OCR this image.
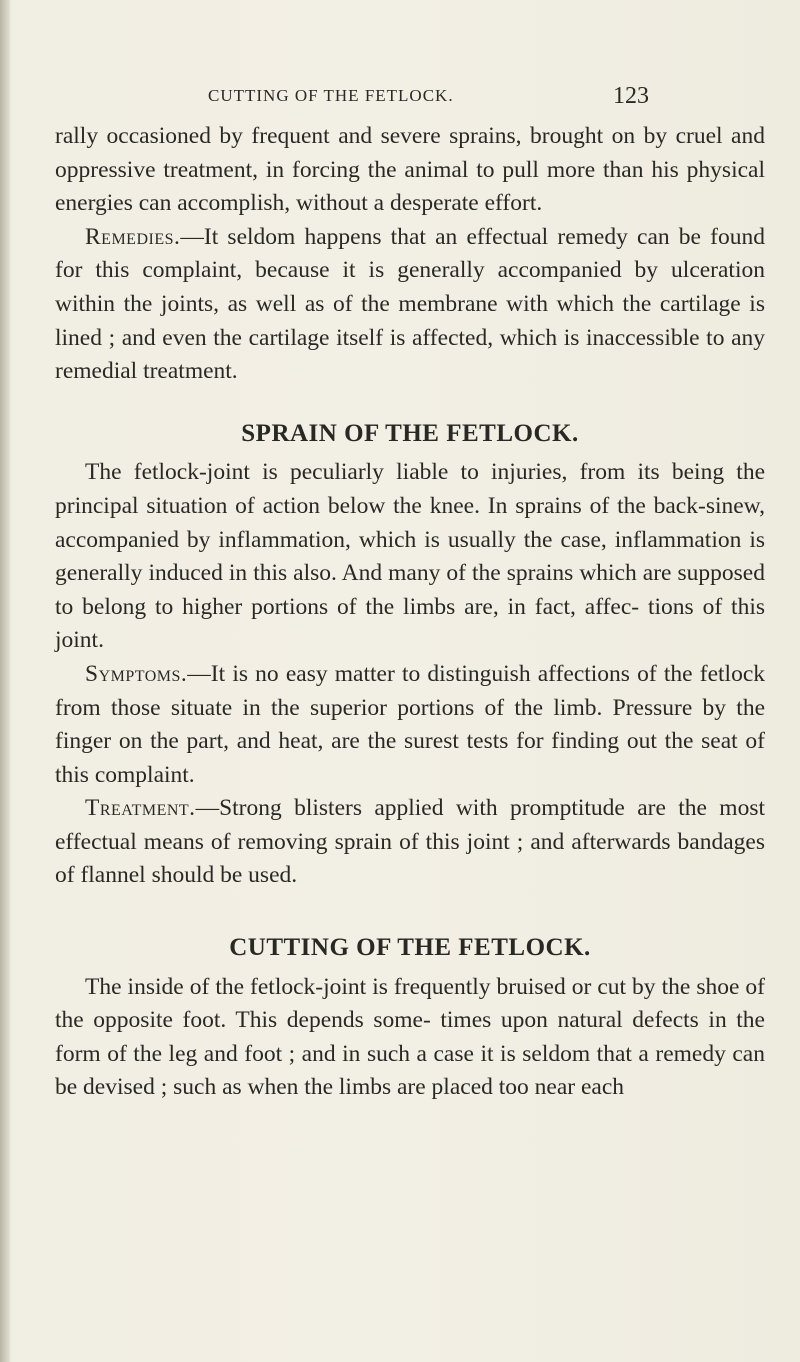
CUTTING OF THE FETLOCK.	123

rally occasioned by frequent and severe sprains, brought on by cruel and oppressive treatment, in forcing the animal to pull more than his physical energies can accomplish, without a desperate effort.

Remedies.—It seldom happens that an effectual remedy can be found for this complaint, because it is generally accompanied by ulceration within the joints, as well as of the membrane with which the cartilage is lined ; and even the cartilage itself is affected, which is inaccessible to any remedial treatment.

SPRAIN OF THE FETLOCK.

The fetlock-joint is peculiarly liable to injuries, from its being the principal situation of action below the knee. In sprains of the back-sinew, accompanied by inflammation, which is usually the case, inflammation is generally induced in this also. And many of the sprains which are supposed to belong to higher portions of the limbs are, in fact, affec- tions of this joint.

Symptoms.—It is no easy matter to distinguish affections of the fetlock from those situate in the superior portions of the limb. Pressure by the finger on the part, and heat, are the surest tests for finding out the seat of this complaint.

Treatment.—Strong blisters applied with promptitude are the most effectual means of removing sprain of this joint ; and afterwards bandages of flannel should be used.

CUTTING OF THE FETLOCK.

The inside of the fetlock-joint is frequently bruised or cut by the shoe of the opposite foot. This depends some- times upon natural defects in the form of the leg and foot ; and in such a case it is seldom that a remedy can be devised ; such as when the limbs are placed too near each
